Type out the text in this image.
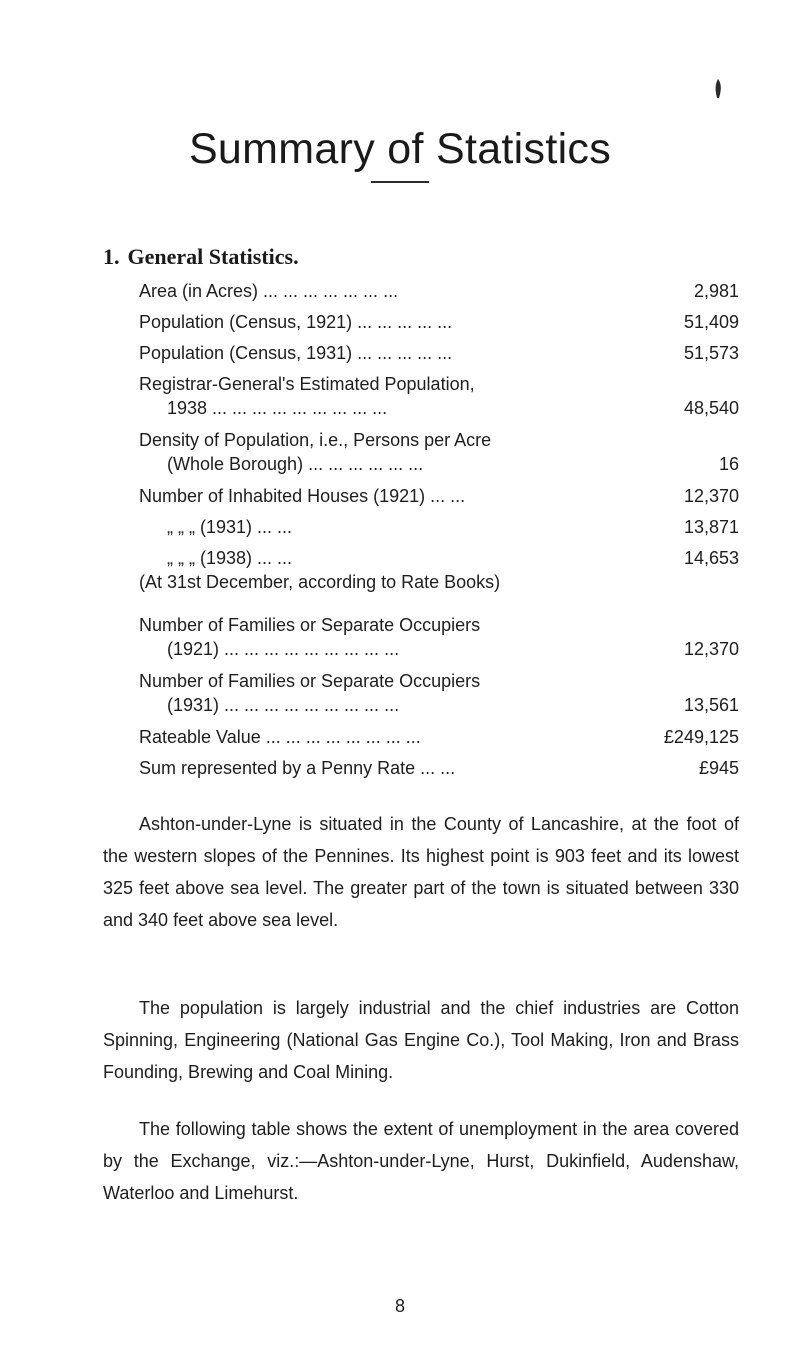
Summary of Statistics
1. General Statistics.
Area (in Acres) ... ... ... ... ... ... ...	2,981
Population (Census, 1921) ... ... ... ... ...	51,409
Population (Census, 1931) ... ... ... ... ...	51,573
Registrar-General's Estimated Population,
1938 ... ... ... ... ... ... ... ... ...	48,540
Density of Population, i.e., Persons per Acre
(Whole Borough) ... ... ... ... ... ...	16
Number of Inhabited Houses (1921) ... ...	12,370
„ „ „ (1931) ... ...	13,871
„ „ „ (1938) ... ...	14,653
(At 31st December, according to Rate Books)
Number of Families or Separate Occupiers
(1921) ... ... ... ... ... ... ... ... ...	12,370
Number of Families or Separate Occupiers
(1931) ... ... ... ... ... ... ... ... ...	13,561
Rateable Value ... ... ... ... ... ... ... ...	£249,125
Sum represented by a Penny Rate ... ...	£945

Ashton-under-Lyne is situated in the County of Lancashire, at the foot of the western slopes of the Pennines. Its highest point is 903 feet and its lowest 325 feet above sea level. The greater part of the town is situated between 330 and 340 feet above sea level.

The population is largely industrial and the chief industries are Cotton Spinning, Engineering (National Gas Engine Co.), Tool Making, Iron and Brass Founding, Brewing and Coal Mining.

The following table shows the extent of unemployment in the area covered by the Exchange, viz.:—Ashton-under-Lyne, Hurst, Dukinfield, Audenshaw, Waterloo and Limehurst.

8
